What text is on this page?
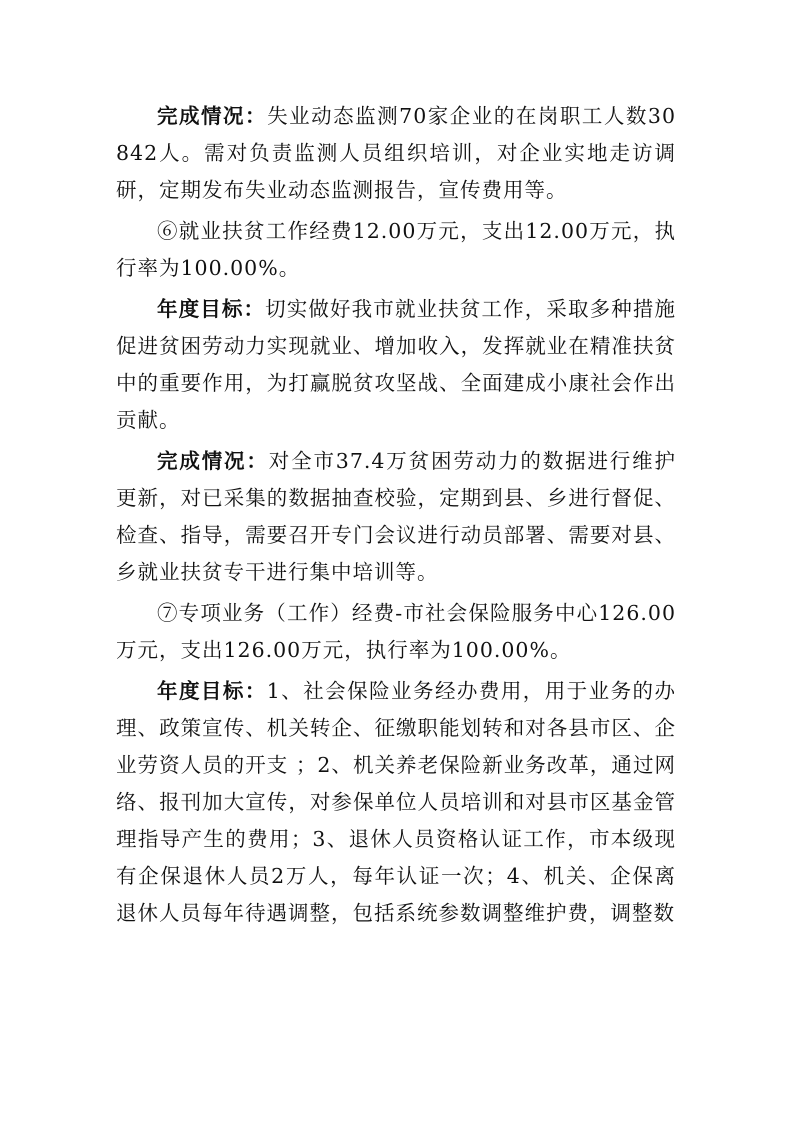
完成情况：失业动态监测70家企业的在岗职工人数30842人。需对负责监测人员组织培训，对企业实地走访调研，定期发布失业动态监测报告，宣传费用等。

⑥就业扶贫工作经费12.00万元，支出12.00万元，执行率为100.00%。

年度目标：切实做好我市就业扶贫工作，采取多种措施促进贫困劳动力实现就业、增加收入，发挥就业在精准扶贫中的重要作用，为打赢脱贫攻坚战、全面建成小康社会作出贡献。

完成情况：对全市37.4万贫困劳动力的数据进行维护更新，对已采集的数据抽查校验，定期到县、乡进行督促、检查、指导，需要召开专门会议进行动员部署、需要对县、乡就业扶贫专干进行集中培训等。

⑦专项业务（工作）经费-市社会保险服务中心126.00万元，支出126.00万元，执行率为100.00%。

年度目标：1、社会保险业务经办费用，用于业务的办理、政策宣传、机关转企、征缴职能划转和对各县市区、企业劳资人员的开支 ；2、机关养老保险新业务改革，通过网络、报刊加大宣传，对参保单位人员培训和对县市区基金管理指导产生的费用；3、退休人员资格认证工作，市本级现有企保退休人员2万人，每年认证一次；4、机关、企保离退休人员每年待遇调整，包括系统参数调整维护费，调整数
